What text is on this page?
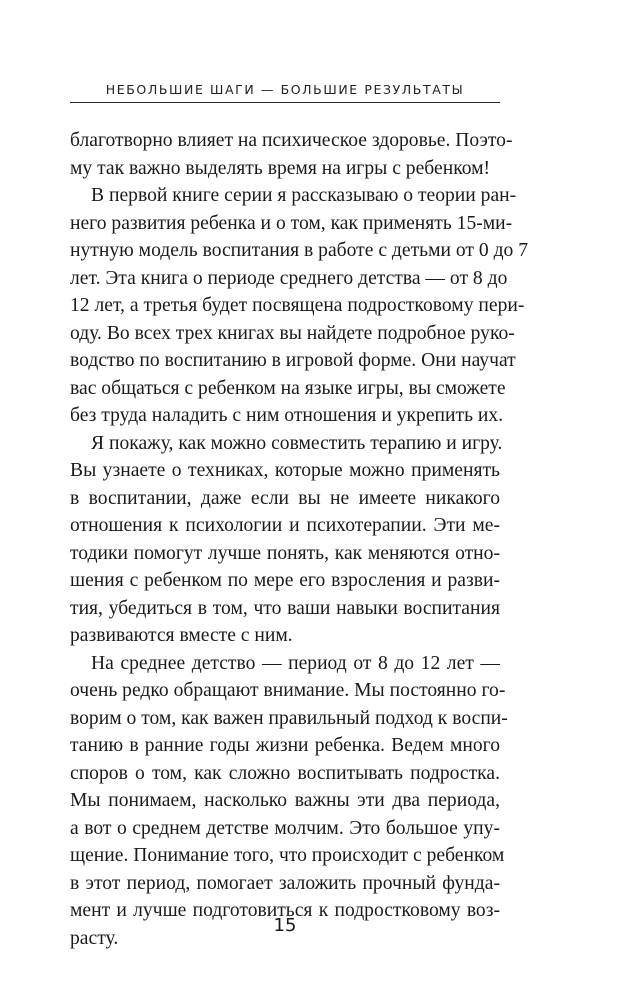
НЕБОЛЬШИЕ ШАГИ — БОЛЬШИЕ РЕЗУЛЬТАТЫ
благотворно влияет на психическое здоровье. Поэто-
му так важно выделять время на игры с ребенком!
В первой книге серии я рассказываю о теории ран-
него развития ребенка и о том, как применять 15-ми-
нутную модель воспитания в работе с детьми от 0 до 7
лет. Эта книга о периоде среднего детства — от 8 до
12 лет, а третья будет посвящена подростковому пери-
оду. Во всех трех книгах вы найдете подробное руко-
водство по воспитанию в игровой форме. Они научат
вас общаться с ребенком на языке игры, вы сможете
без труда наладить с ним отношения и укрепить их.
Я покажу, как можно совместить терапию и игру.
Вы узнаете о техниках, которые можно применять
в воспитании, даже если вы не имеете никакого
отношения к психологии и психотерапии. Эти ме-
тодики помогут лучше понять, как меняются отно-
шения с ребенком по мере его взросления и разви-
тия, убедиться в том, что ваши навыки воспитания
развиваются вместе с ним.
На среднее детство — период от 8 до 12 лет —
очень редко обращают внимание. Мы постоянно го-
ворим о том, как важен правильный подход к воспи-
танию в ранние годы жизни ребенка. Ведем много
споров о том, как сложно воспитывать подростка.
Мы понимаем, насколько важны эти два периода,
а вот о среднем детстве молчим. Это большое упу-
щение. Понимание того, что происходит с ребенком
в этот период, помогает заложить прочный фунда-
мент и лучше подготовиться к подростковому воз-
расту.
15
